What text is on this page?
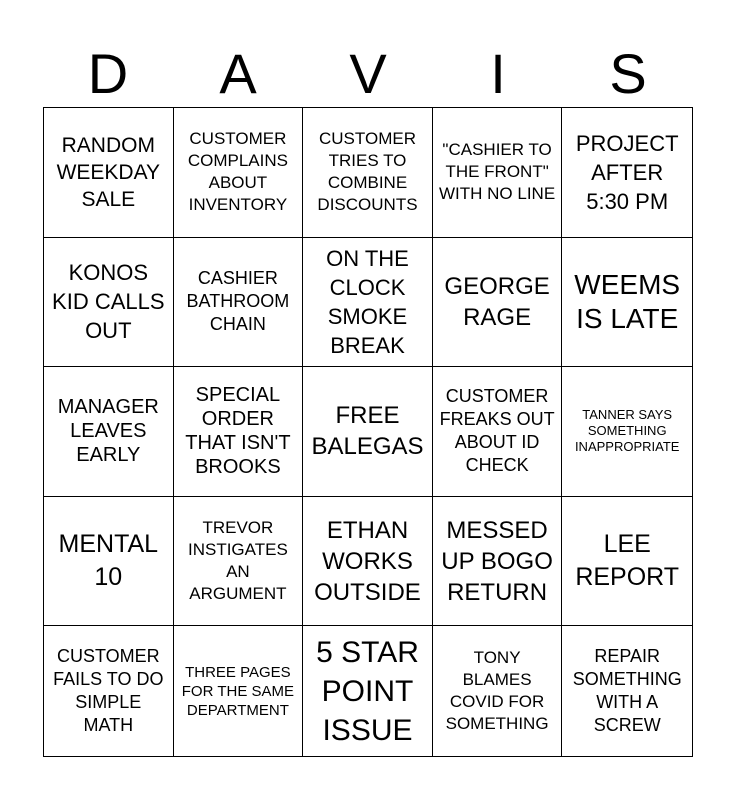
D	A	V	I	S
RANDOM WEEKDAY SALE
CUSTOMER COMPLAINS ABOUT INVENTORY
CUSTOMER TRIES TO COMBINE DISCOUNTS
"CASHIER TO THE FRONT" WITH NO LINE
PROJECT AFTER 5:30 PM
KONOS KID CALLS OUT
CASHIER BATHROOM CHAIN
ON THE CLOCK SMOKE BREAK
GEORGE RAGE
WEEMS IS LATE
MANAGER LEAVES EARLY
SPECIAL ORDER THAT ISN'T BROOKS
FREE BALEGAS
CUSTOMER FREAKS OUT ABOUT ID CHECK
TANNER SAYS SOMETHING INAPPROPRIATE
MENTAL 10
TREVOR INSTIGATES AN ARGUMENT
ETHAN WORKS OUTSIDE
MESSED UP BOGO RETURN
LEE REPORT
CUSTOMER FAILS TO DO SIMPLE MATH
THREE PAGES FOR THE SAME DEPARTMENT
5 STAR POINT ISSUE
TONY BLAMES COVID FOR SOMETHING
REPAIR SOMETHING WITH A SCREW
